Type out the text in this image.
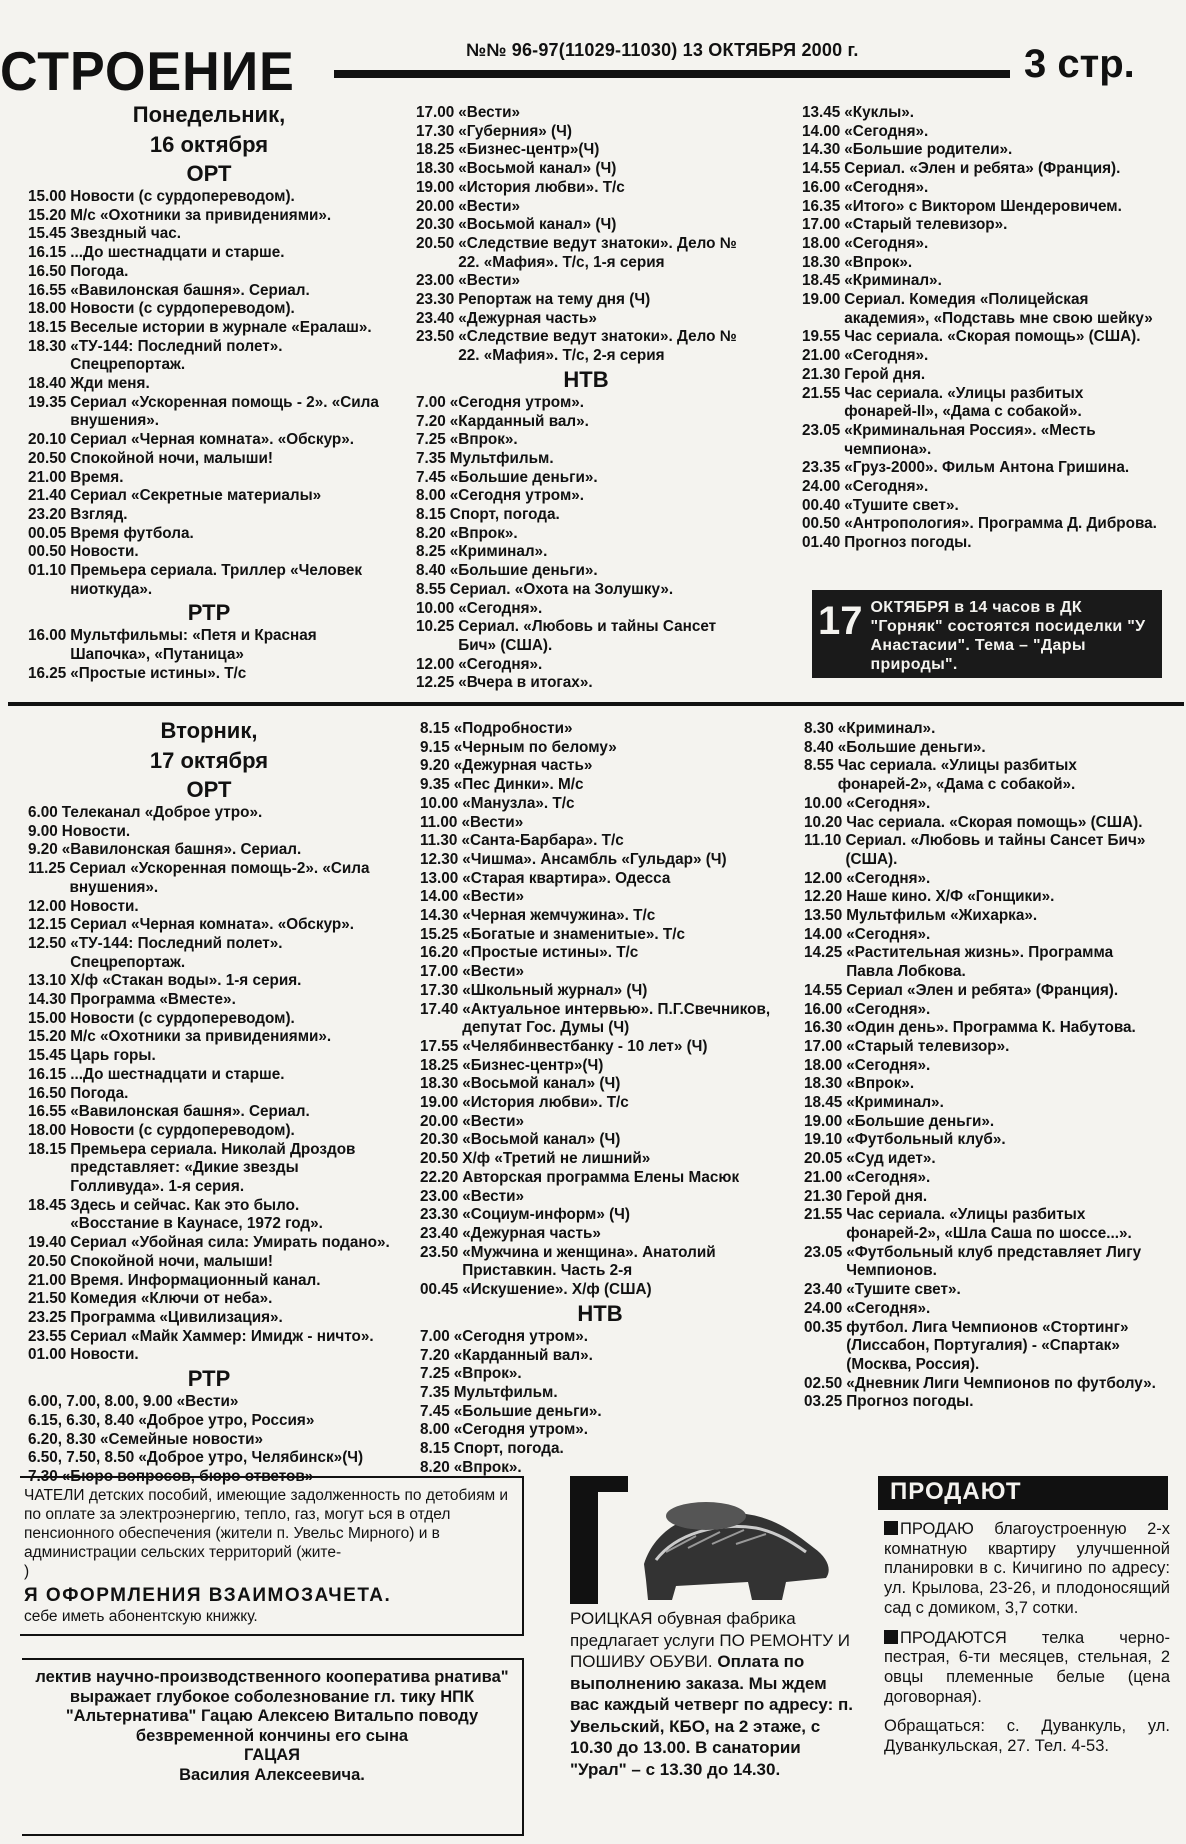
СТРОЕНИЕ	№№ 96-97(11029-11030) 13 ОКТЯБРЯ 2000 г.	3 стр.
Понедельник,
16 октября
ОРТ
15.00 Новости (с сурдопереводом).
15.20 М/с «Охотники за привидениями».
15.45 Звездный час.
16.15 ...До шестнадцати и старше.
16.50 Погода.
16.55 «Вавилонская башня». Сериал.
18.00 Новости (с сурдопереводом).
18.15 Веселые истории в журнале «Ералаш».
18.30 «ТУ-144: Последний полет». Спецрепортаж.
18.40 Жди меня.
19.35 Сериал «Ускоренная помощь - 2». «Сила внушения».
20.10 Сериал «Черная комната». «Обскур».
20.50 Спокойной ночи, малыши!
21.00 Время.
21.40 Сериал «Секретные материалы»
23.20 Взгляд.
00.05 Время футбола.
00.50 Новости.
01.10 Премьера сериала. Триллер «Человек ниоткуда».
РТР
16.00 Мультфильмы: «Петя и Красная Шапочка», «Путаница»
16.25 «Простые истины». Т/с
17.00 «Вести»
17.30 «Губерния» (Ч)
18.25 «Бизнес-центр»(Ч)
18.30 «Восьмой канал» (Ч)
19.00 «История любви». Т/с
20.00 «Вести»
20.30 «Восьмой канал» (Ч)
20.50 «Следствие ведут знатоки». Дело № 22. «Мафия». Т/с, 1-я серия
23.00 «Вести»
23.30 Репортаж на тему дня (Ч)
23.40 «Дежурная часть»
23.50 «Следствие ведут знатоки». Дело № 22. «Мафия». Т/с, 2-я серия
НТВ
7.00 «Сегодня утром».
7.20 «Карданный вал».
7.25 «Впрок».
7.35 Мультфильм.
7.45 «Большие деньги».
8.00 «Сегодня утром».
8.15 Спорт, погода.
8.20 «Впрок».
8.25 «Криминал».
8.40 «Большие деньги».
8.55 Сериал. «Охота на Золушку».
10.00 «Сегодня».
10.25 Сериал. «Любовь и тайны Сансет Бич» (США).
12.00 «Сегодня».
12.25 «Вчера в итогах».
13.45 «Куклы».
14.00 «Сегодня».
14.30 «Большие родители».
14.55 Сериал. «Элен и ребята» (Франция).
16.00 «Сегодня».
16.35 «Итого» с Виктором Шендеровичем.
17.00 «Старый телевизор».
18.00 «Сегодня».
18.30 «Впрок».
18.45 «Криминал».
19.00 Сериал. Комедия «Полицейская академия», «Подставь мне свою шейку»
19.55 Час сериала. «Скорая помощь» (США).
21.00 «Сегодня».
21.30 Герой дня.
21.55 Час сериала. «Улицы разбитых фонарей-II», «Дама с собакой».
23.05 «Криминальная Россия». «Месть чемпиона».
23.35 «Груз-2000». Фильм Антона Гришина.
24.00 «Сегодня».
00.40 «Тушите свет».
00.50 «Антропология». Программа Д. Диброва.
01.40 Прогноз погоды.
17 ОКТЯБРЯ в 14 часов в ДК "Горняк" состоятся посиделки "У Анастасии". Тема – "Дары природы".
Вторник,
17 октября
ОРТ
6.00 Телеканал «Доброе утро».
9.00 Новости.
9.20 «Вавилонская башня». Сериал.
11.25 Сериал «Ускоренная помощь-2». «Сила внушения».
12.00 Новости.
12.15 Сериал «Черная комната». «Обскур».
12.50 «ТУ-144: Последний полет». Спецрепортаж.
13.10 Х/ф «Стакан воды». 1-я серия.
14.30 Программа «Вместе».
15.00 Новости (с сурдопереводом).
15.20 М/с «Охотники за привидениями».
15.45 Царь горы.
16.15 ...До шестнадцати и старше.
16.50 Погода.
16.55 «Вавилонская башня». Сериал.
18.00 Новости (с сурдопереводом).
18.15 Премьера сериала. Николай Дроздов представляет: «Дикие звезды Голливуда». 1-я серия.
18.45 Здесь и сейчас. Как это было. «Восстание в Каунасе, 1972 год».
19.40 Сериал «Убойная сила: Умирать подано».
20.50 Спокойной ночи, малыши!
21.00 Время. Информационный канал.
21.50 Комедия «Ключи от неба».
23.25 Программа «Цивилизация».
23.55 Сериал «Майк Хаммер: Имидж - ничто».
01.00 Новости.
РТР
6.00, 7.00, 8.00, 9.00 «Вести»
6.15, 6.30, 8.40 «Доброе утро, Россия»
6.20, 8.30 «Семейные новости»
6.50, 7.50, 8.50 «Доброе утро, Челябинск»(Ч)
7.30 «Бюро вопросов, бюро ответов»
8.15 «Подробности»
9.15 «Черным по белому»
9.20 «Дежурная часть»
9.35 «Пес Динки». М/с
10.00 «Манузла». Т/с
11.00 «Вести»
11.30 «Санта-Барбара». Т/с
12.30 «Чишма». Ансамбль «Гульдар» (Ч)
13.00 «Старая квартира». Одесса
14.00 «Вести»
14.30 «Черная жемчужина». Т/с
15.25 «Богатые и знаменитые». Т/с
16.20 «Простые истины». Т/с
17.00 «Вести»
17.30 «Школьный журнал» (Ч)
17.40 «Актуальное интервью». П.Г.Свечников, депутат Гос. Думы (Ч)
17.55 «Челябинвестбанку - 10 лет» (Ч)
18.25 «Бизнес-центр»(Ч)
18.30 «Восьмой канал» (Ч)
19.00 «История любви». Т/с
20.00 «Вести»
20.30 «Восьмой канал» (Ч)
20.50 Х/ф «Третий не лишний»
22.20 Авторская программа Елены Масюк
23.00 «Вести»
23.30 «Социум-информ» (Ч)
23.40 «Дежурная часть»
23.50 «Мужчина и женщина». Анатолий Приставкин. Часть 2-я
00.45 «Искушение». Х/ф (США)
НТВ
7.00 «Сегодня утром».
7.20 «Карданный вал».
7.25 «Впрок».
7.35 Мультфильм.
7.45 «Большие деньги».
8.00 «Сегодня утром».
8.15 Спорт, погода.
8.20 «Впрок».
8.30 «Криминал».
8.40 «Большие деньги».
8.55 Час сериала. «Улицы разбитых фонарей-2», «Дама с собакой».
10.00 «Сегодня».
10.20 Час сериала. «Скорая помощь» (США).
11.10 Сериал. «Любовь и тайны Сансет Бич» (США).
12.00 «Сегодня».
12.20 Наше кино. Х/Ф «Гонщики».
13.50 Мультфильм «Жихарка».
14.00 «Сегодня».
14.25 «Растительная жизнь». Программа Павла Лобкова.
14.55 Сериал «Элен и ребята» (Франция).
16.00 «Сегодня».
16.30 «Один день». Программа К. Набутова.
17.00 «Старый телевизор».
18.00 «Сегодня».
18.30 «Впрок».
18.45 «Криминал».
19.00 «Большие деньги».
19.10 «Футбольный клуб».
20.05 «Суд идет».
21.00 «Сегодня».
21.30 Герой дня.
21.55 Час сериала. «Улицы разбитых фонарей-2», «Шла Саша по шоссе...».
23.05 «Футбольный клуб представляет Лигу Чемпионов.
23.40 «Тушите свет».
24.00 «Сегодня».
00.35 футбол. Лига Чемпионов «Стортинг» (Лиссабон, Португалия) - «Спартак» (Москва, Россия).
02.50 «Дневник Лиги Чемпионов по футболу».
03.25 Прогноз погоды.
ЧАТЕЛИ детских пособий, имеющие задолженность по детобиям и по оплате за электроэнергию, тепло, газ, могут ься в отдел пенсионного обеспечения (жители п. Увельс Мирного) и в администрации сельских территорий (жите-
)
Я ОФОРМЛЕНИЯ ВЗАИМОЗАЧЕТА.
себе иметь абонентскую книжку.
лектив научно-производственного кооператива рнатива" выражает глубокое соболезнование гл. тику НПК "Альтернатива" Гацаю Алексею Витальпо поводу безвременной кончины его сына
ГАЦАЯ
Василия Алексеевича.
РОИЦКАЯ обувная фабрика предлагает услуги ПО РЕМОНТУ И ПОШИВУ ОБУВИ. Оплата по выполнению заказа. Мы ждем вас каждый четверг по адресу: п. Увельский, КБО, на 2 этаже, с 10.30 до 13.00. В санатории "Урал" – с 13.30 до 14.30.
ПРОДАЮТ

ПРОДАЮ благоустроенную 2-х комнатную квартиру улучшенной планировки в с. Кичигино по адресу: ул. Крылова, 23-26, и плодоносящий сад с домиком, 3,7 сотки.

ПРОДАЮТСЯ телка черно-пестрая, 6-ти месяцев, стельная, 2 овцы племенные белые (цена договорная).

Обращаться: с. Дуванкуль, ул. Дуванкульская, 27. Тел. 4-53.
